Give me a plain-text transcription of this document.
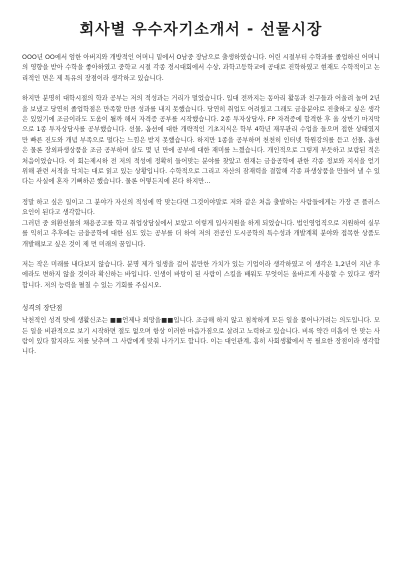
회사별 우수자기소개서 - 선물시장
OOO년 OO에서 엄한 아버지와 개방적인 어머니 밑에서 O남중 장남으로 출생하였습니다. 어린 시절부터 수학과를 졸업하신 어머니의 영향을 받아 수학을 좋아하였고 중학교 시절 각종 경시대회에서 수상, 과학고등학교에 공대로 진학하였고 현재도 수학적이고 논리적인 면은 제 특유의 장점이라 생각하고 있습니다.
하지만 분명히 대학시절의 학과 공부는 저의 적성과는 거리가 멀었습니다. 입대 전까지는 동아리 활동과 친구들과 어울려 놀며 2년을 보냈고 당연히 졸업학점은 만족할 만큼 성과를 내지 못했습니다. 당연히 취업도 어려웠고 그래도 금융분야로 진출하고 싶은 생각은 있었기에 조금이라도 도움이 될까 해서 자격증 공부를 시작했습니다. 2종 투자상담사, FP 자격증에 합격한 후 올 상반기 마지막으로 1종 투자상담사를 공부했습니다. 선물, 옵션에 대한 개략적인 기초지식은 학부 4학년 재무관리 수업을 들으며 접한 상태였지만 빠른 진도와 개념 부족으로 멀다는 느낌은 받지 못했습니다. 하지만 1종을 공부하며 천천히 인터넷 학원강의를 듣고 선물, 옵션은 물론 장외파생상품을 조금 공부하며 살도 몇 년 만에 공부에 대한 재미를 느꼈습니다. 개인적으로 그렇게 부듯하고 보람된 적은 처음이었습니다. 이 회는제시하 전 저의 적성에 정확히 들어맞는 분야를 찾았고 현재는 금융공학에 관한 각종 정보와 지식을 얻기 위해 관련 서적을 닥치는 대로 읽고 있는 상황입니다. 수학적으로 그리고 자산의 잠재력을 결합해 각종 파생상품을 만들어 낼 수 있다는 사실에 혼자 기뻐하곤 했습니다. 물론 어떻든지에 본다 하지만…
정말 하고 싶은 일이고 그 분야가 자신의 적성에 딱 맞는다면 그것이야말로 저와 같은 처음 출발하는 사람들에게는 가장 큰 플러스 요인이 된다고 생각합니다.
그러던 중 외환선물의 채용공고를 학교 취업상담실에서 보았고 이렇게 입사지원을 하게 되었습니다. 법인영업직으로 지원하여 실무를 익히고 추후에는 금융공학에 대한 심도 있는 공부를 더 하여 저의 전공인 도시공학의 특수성과 개발계획 분야와 접목한 상품도 개발해보고 싶은 것이 제 먼 미래의 꿈입니다.
저는 작은 미래를 내다보지 않습니다. 분명 제가 일생을 걸어 봄만한 가치가 있는 기업이라 생각하였고 이 생각은 1,2년이 지난 후에라도 변하지 않을 것이라 확신하는 바입니다. 인생이 바탕이 된 사람이 스킬을 배워도 무엇이든 올바르게 사용할 수 있다고 생각합니다. 저의 능력을 펼칠 수 있는 기회를 주십시오.
성격의 장단점
낙천적인 성격 탓에 생활신조는 ■■언제나 희망을■■입니다. 조급해 하지 않고 침착하게 모든 일을 풀어나가려는 의도입니다. 모든 일을 비관적으로 보기 시작하면 절도 없으며 항상 이러한 마음가짐으로 살려고 노력하고 있습니다. 비록 약간 미흡이 안 맞는 사람이 있다 할지라도 저를 낮추며 그 사람에게 맞춰 나가기도 합니다. 이는 대인관계, 흠히 사회생활에서 꼭 필요한 장점이라 생각합니다.
